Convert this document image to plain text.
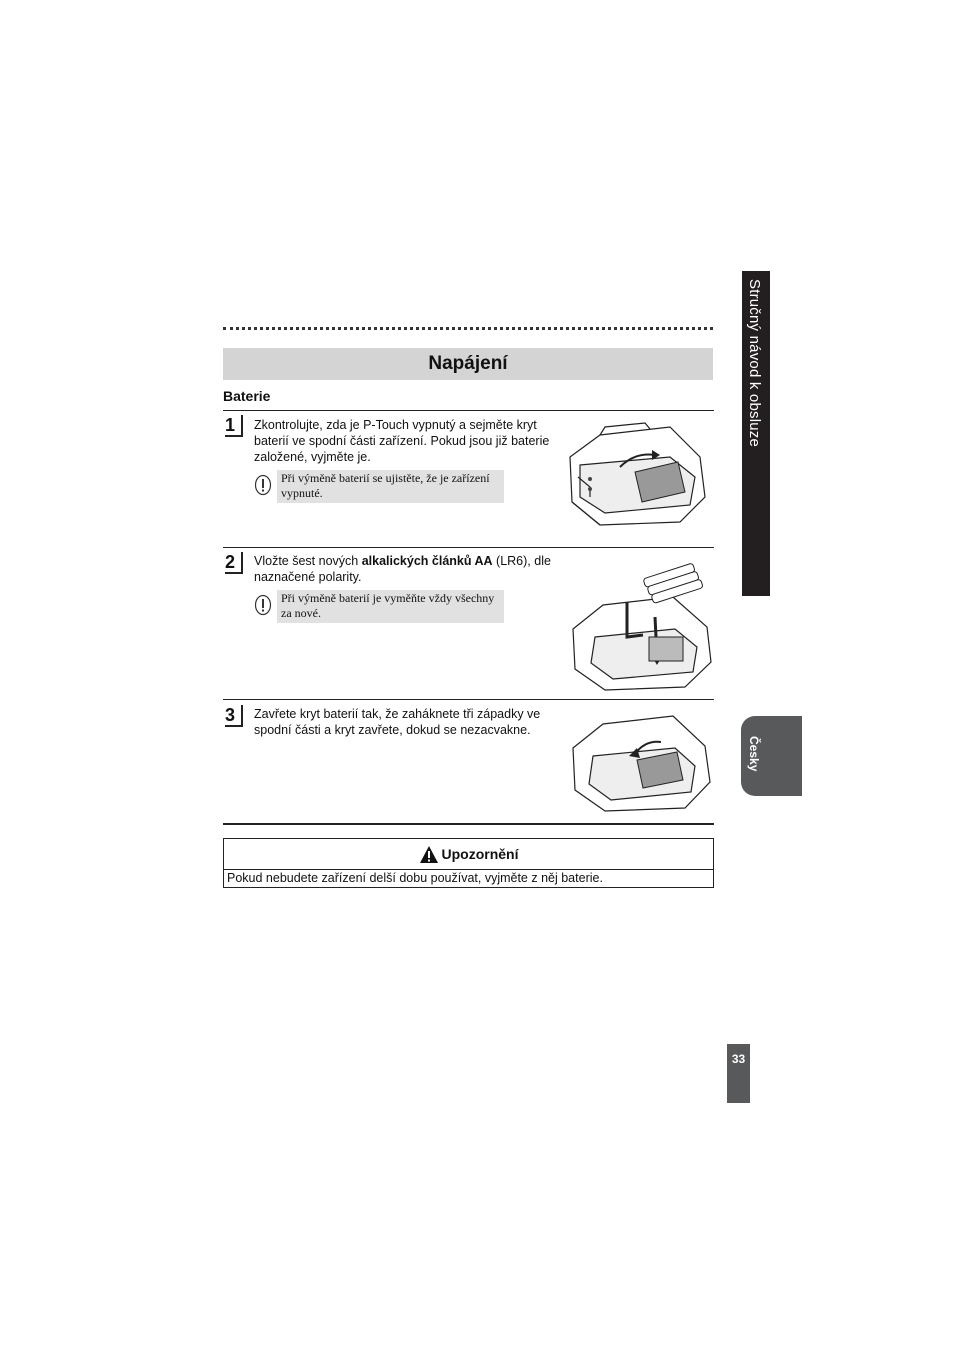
Napájení
Baterie
1	Zkontrolujte, zda je P-Touch vypnutý a sejměte kryt baterií ve spodní části zařízení. Pokud jsou již baterie založené, vyjměte je.
Při výměně baterií se ujistěte, že je zařízení vypnuté.
2	Vložte šest nových alkalických článků AA (LR6), dle naznačené polarity.
Při výměně baterií je vyměňte vždy všechny za nové.
3	Zavřete kryt baterií tak, že zaháknete tři západky ve spodní části a kryt zavřete, dokud se nezacvakne.
Upozornění
Pokud nebudete zařízení delší dobu používat, vyjměte z něj baterie.
Stručný návod k obsluze
Česky
33
